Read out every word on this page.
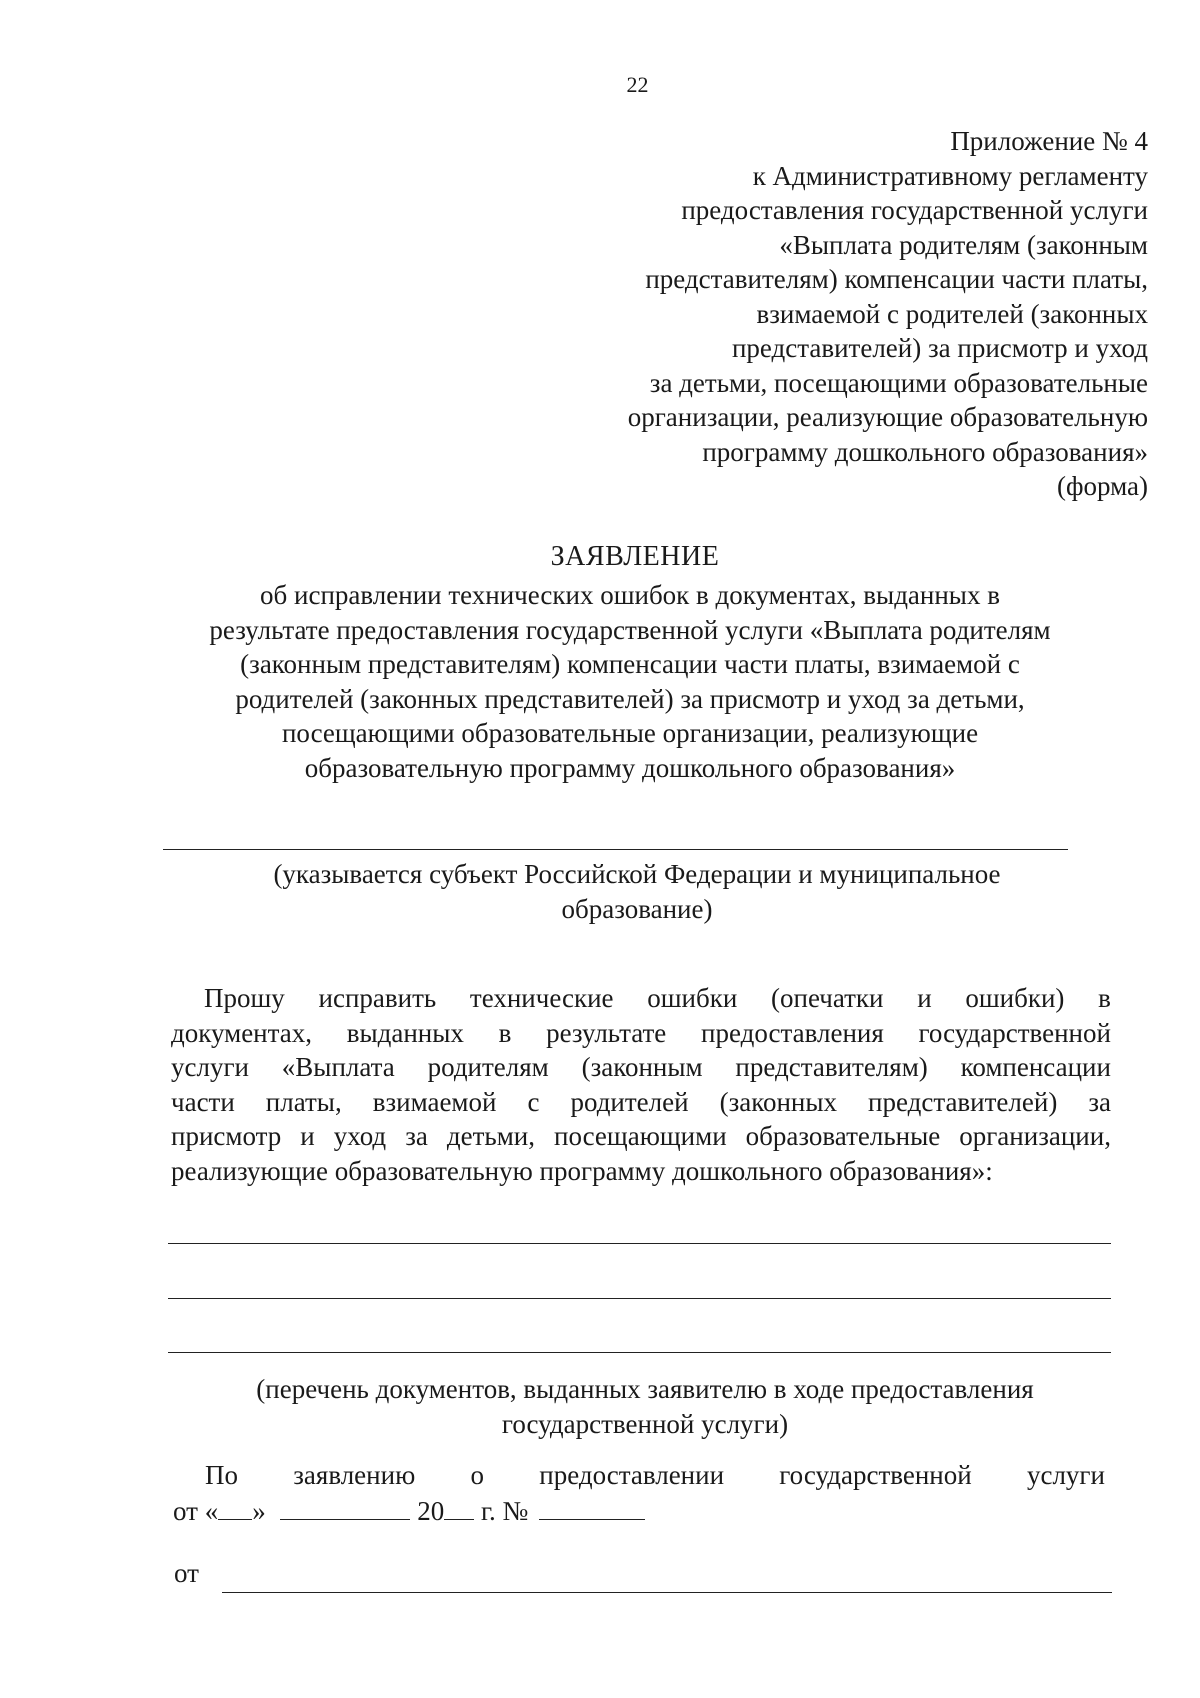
22
Приложение № 4
к Административному регламенту
предоставления государственной услуги
«Выплата родителям (законным
представителям) компенсации части платы,
взимаемой с родителей (законных
представителей) за присмотр и уход
за детьми, посещающими образовательные
организации, реализующие образовательную
программу дошкольного образования»
(форма)
ЗАЯВЛЕНИЕ
об исправлении технических ошибок в документах, выданных в
результате предоставления государственной услуги «Выплата родителям
(законным представителям) компенсации части платы, взимаемой с
родителей (законных представителей) за присмотр и уход за детьми,
посещающими образовательные организации, реализующие
образовательную программу дошкольного образования»
(указывается субъект Российской Федерации и муниципальное
образование)
Прошу исправить технические ошибки (опечатки и ошибки) в
документах, выданных в результате предоставления государственной
услуги «Выплата родителям (законным представителям) компенсации
части платы, взимаемой с родителей (законных представителей) за
присмотр и уход за детьми, посещающими образовательные организации,
реализующие образовательную программу дошкольного образования»:
(перечень документов, выданных заявителю в ходе предоставления
государственной услуги)
По заявлению о предоставлении государственной услуги
от « »	20 г. №
от
